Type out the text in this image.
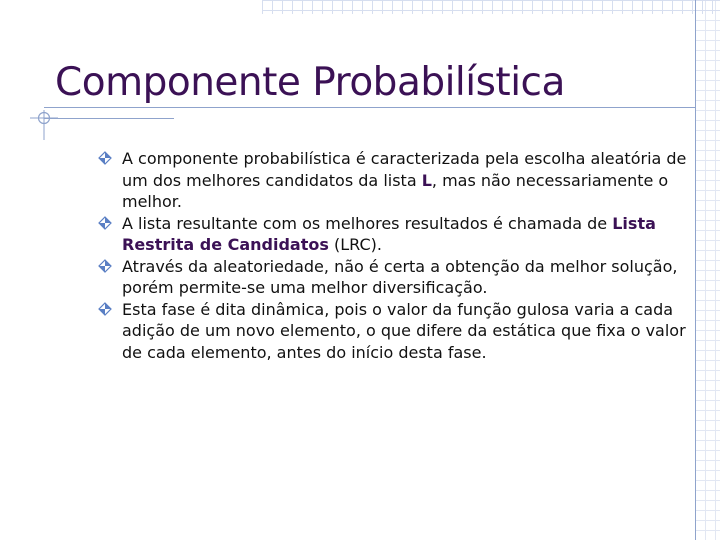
Componente Probabilística
A componente probabilística é caracterizada pela escolha aleatória de um dos melhores candidatos da lista L, mas não necessariamente o melhor.
A lista resultante com os melhores resultados é chamada de Lista Restrita de Candidatos (LRC).
Através da aleatoriedade, não é certa a obtenção da melhor solução, porém permite-se uma melhor diversificação.
Esta fase é dita dinâmica, pois o valor da função gulosa varia a cada adição de um novo elemento, o que difere da estática que fixa o valor de cada elemento, antes do início desta fase.
